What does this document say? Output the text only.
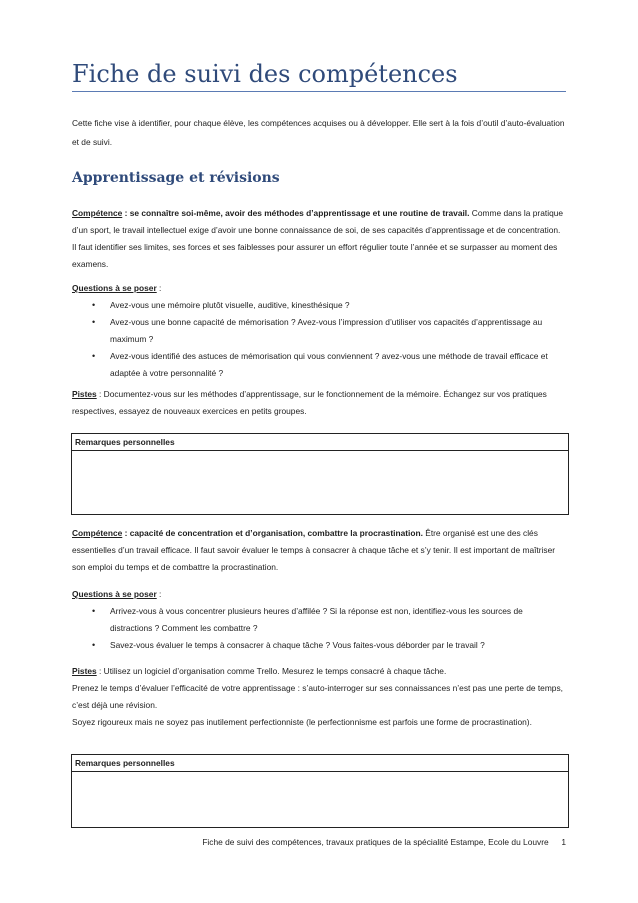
Fiche de suivi des compétences
Cette fiche vise à identifier, pour chaque élève, les compétences acquises ou à développer. Elle sert à la fois d’outil d’auto-évaluation et de suivi.
Apprentissage et révisions
Compétence : se connaître soi-même, avoir des méthodes d’apprentissage et une routine de travail. Comme dans la pratique d’un sport, le travail intellectuel exige d’avoir une bonne connaissance de soi, de ses capacités d’apprentissage et de concentration. Il faut identifier ses limites, ses forces et ses faiblesses pour assurer un effort régulier toute l’année et se surpasser au moment des examens.
Questions à se poser :
• Avez-vous une mémoire plutôt visuelle, auditive, kinesthésique ?
• Avez-vous une bonne capacité de mémorisation ? Avez-vous l’impression d’utiliser vos capacités d’apprentissage au maximum ?
• Avez-vous identifié des astuces de mémorisation qui vous conviennent ? avez-vous une méthode de travail efficace et adaptée à votre personnalité ?
Pistes : Documentez-vous sur les méthodes d’apprentissage, sur le fonctionnement de la mémoire. Échangez sur vos pratiques respectives, essayez de nouveaux exercices en petits groupes.
Remarques personnelles
Compétence : capacité de concentration et d’organisation, combattre la procrastination. Être organisé est une des clés essentielles d’un travail efficace. Il faut savoir évaluer le temps à consacrer à chaque tâche et s’y tenir. Il est important de maîtriser son emploi du temps et de combattre la procrastination.
Questions à se poser :
• Arrivez-vous à vous concentrer plusieurs heures d’affilée ? Si la réponse est non, identifiez-vous les sources de distractions ? Comment les combattre ?
• Savez-vous évaluer le temps à consacrer à chaque tâche ? Vous faites-vous déborder par le travail ?
Pistes : Utilisez un logiciel d’organisation comme Trello. Mesurez le temps consacré à chaque tâche.
Prenez le temps d’évaluer l’efficacité de votre apprentissage : s’auto-interroger sur ses connaissances n’est pas une perte de temps, c’est déjà une révision.
Soyez rigoureux mais ne soyez pas inutilement perfectionniste (le perfectionnisme est parfois une forme de procrastination).
Remarques personnelles
Fiche de suivi des compétences, travaux pratiques de la spécialité Estampe, Ecole du Louvre 1
